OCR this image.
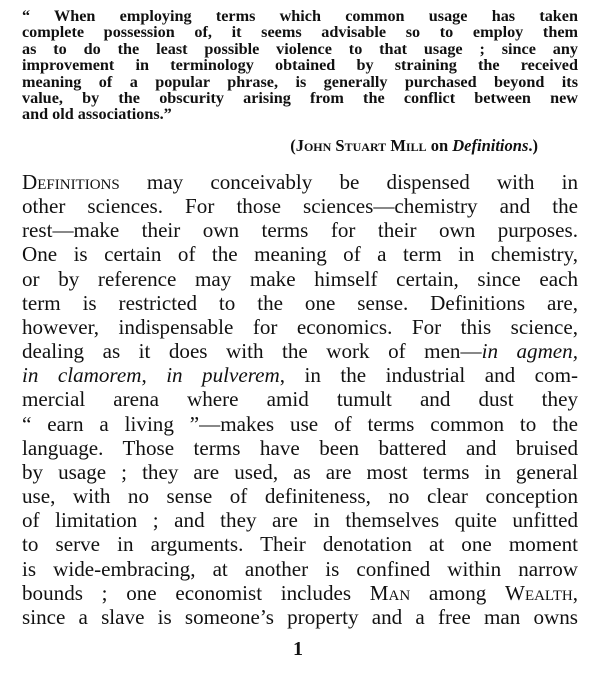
“ When employing terms which common usage has taken
complete possession of, it seems advisable so to employ them
as to do the least possible violence to that usage ; since any
improvement in terminology obtained by straining the received
meaning of a popular phrase, is generally purchased beyond its
value, by the obscurity arising from the conflict between new
and old associations.”
(John Stuart Mill on Definitions.)
Definitions may conceivably be dispensed with in
other sciences. For those sciences—chemistry and the
rest—make their own terms for their own purposes.
One is certain of the meaning of a term in chemistry,
or by reference may make himself certain, since each
term is restricted to the one sense. Definitions are,
however, indispensable for economics. For this science,
dealing as it does with the work of men—in agmen,
in clamorem, in pulverem, in the industrial and com-
mercial arena where amid tumult and dust they
“ earn a living ”—makes use of terms common to the
language. Those terms have been battered and bruised
by usage ; they are used, as are most terms in general
use, with no sense of definiteness, no clear conception
of limitation ; and they are in themselves quite unfitted
to serve in arguments. Their denotation at one moment
is wide-embracing, at another is confined within narrow
bounds ; one economist includes Man among Wealth,
since a slave is someone’s property and a free man owns
1
